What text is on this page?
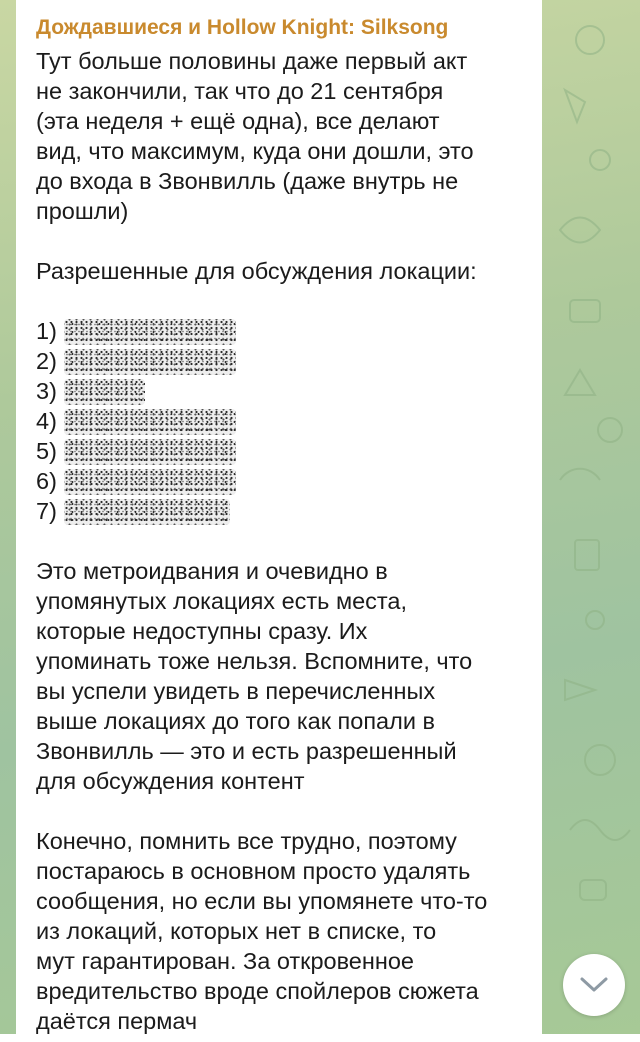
Дождавшиеся и Hollow Knight: Silksong

Тут больше половины даже первый акт
не закончили, так что до 21 сентября
(эта неделя + ещё одна), все делают
вид, что максимум, куда они дошли, это
до входа в Звонвилль (даже внутрь не
прошли)

Разрешенные для обсуждения локации:

1)
2)
3)
4)
5)
6)
7)

Это метроидвания и очевидно в
упомянутых локациях есть места,
которые недоступны сразу. Их
упоминать тоже нельзя. Вспомните, что
вы успели увидеть в перечисленных
выше локациях до того как попали в
Звонвилль — это и есть разрешенный
для обсуждения контент

Конечно, помнить все трудно, поэтому
постараюсь в основном просто удалять
сообщения, но если вы упомянете что-то
из локаций, которых нет в списке, то
мут гарантирован. За откровенное
вредительство вроде спойлеров сюжета
даётся пермач
